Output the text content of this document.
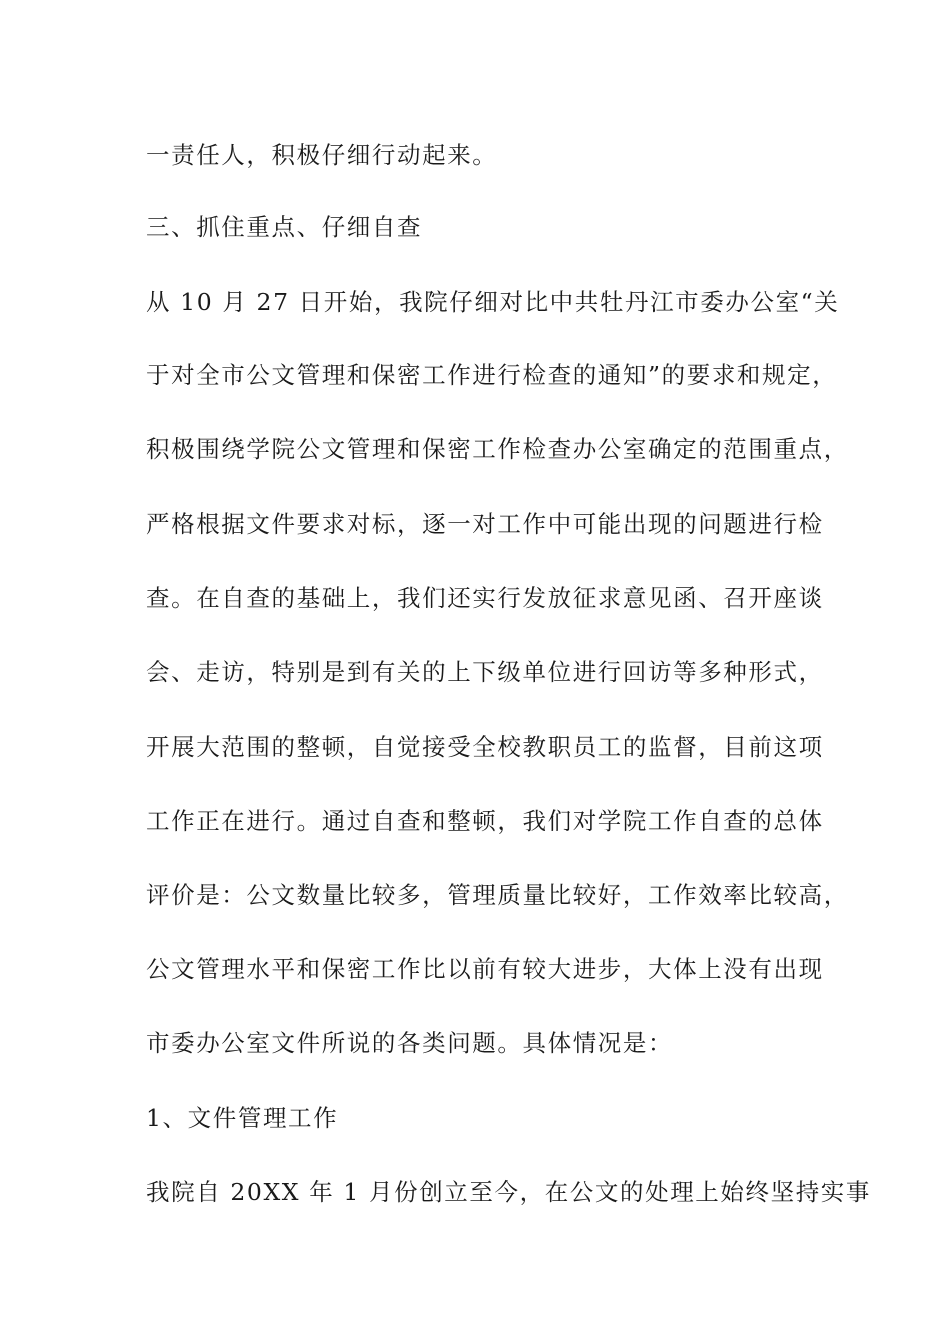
一责任人，积极仔细行动起来。
三、抓住重点、仔细自查
从 10 月 27 日开始，我院仔细对比中共牡丹江市委办公室“关
于对全市公文管理和保密工作进行检查的通知”的要求和规定，
积极围绕学院公文管理和保密工作检查办公室确定的范围重点，
严格根据文件要求对标，逐一对工作中可能出现的问题进行检
查。在自查的基础上，我们还实行发放征求意见函、召开座谈
会、走访，特别是到有关的上下级单位进行回访等多种形式，
开展大范围的整顿，自觉接受全校教职员工的监督，目前这项
工作正在进行。通过自查和整顿，我们对学院工作自查的总体
评价是：公文数量比较多，管理质量比较好，工作效率比较高，
公文管理水平和保密工作比以前有较大进步，大体上没有出现
市委办公室文件所说的各类问题。具体情况是：
1、文件管理工作
我院自 20XX 年 1 月份创立至今，在公文的处理上始终坚持实事
